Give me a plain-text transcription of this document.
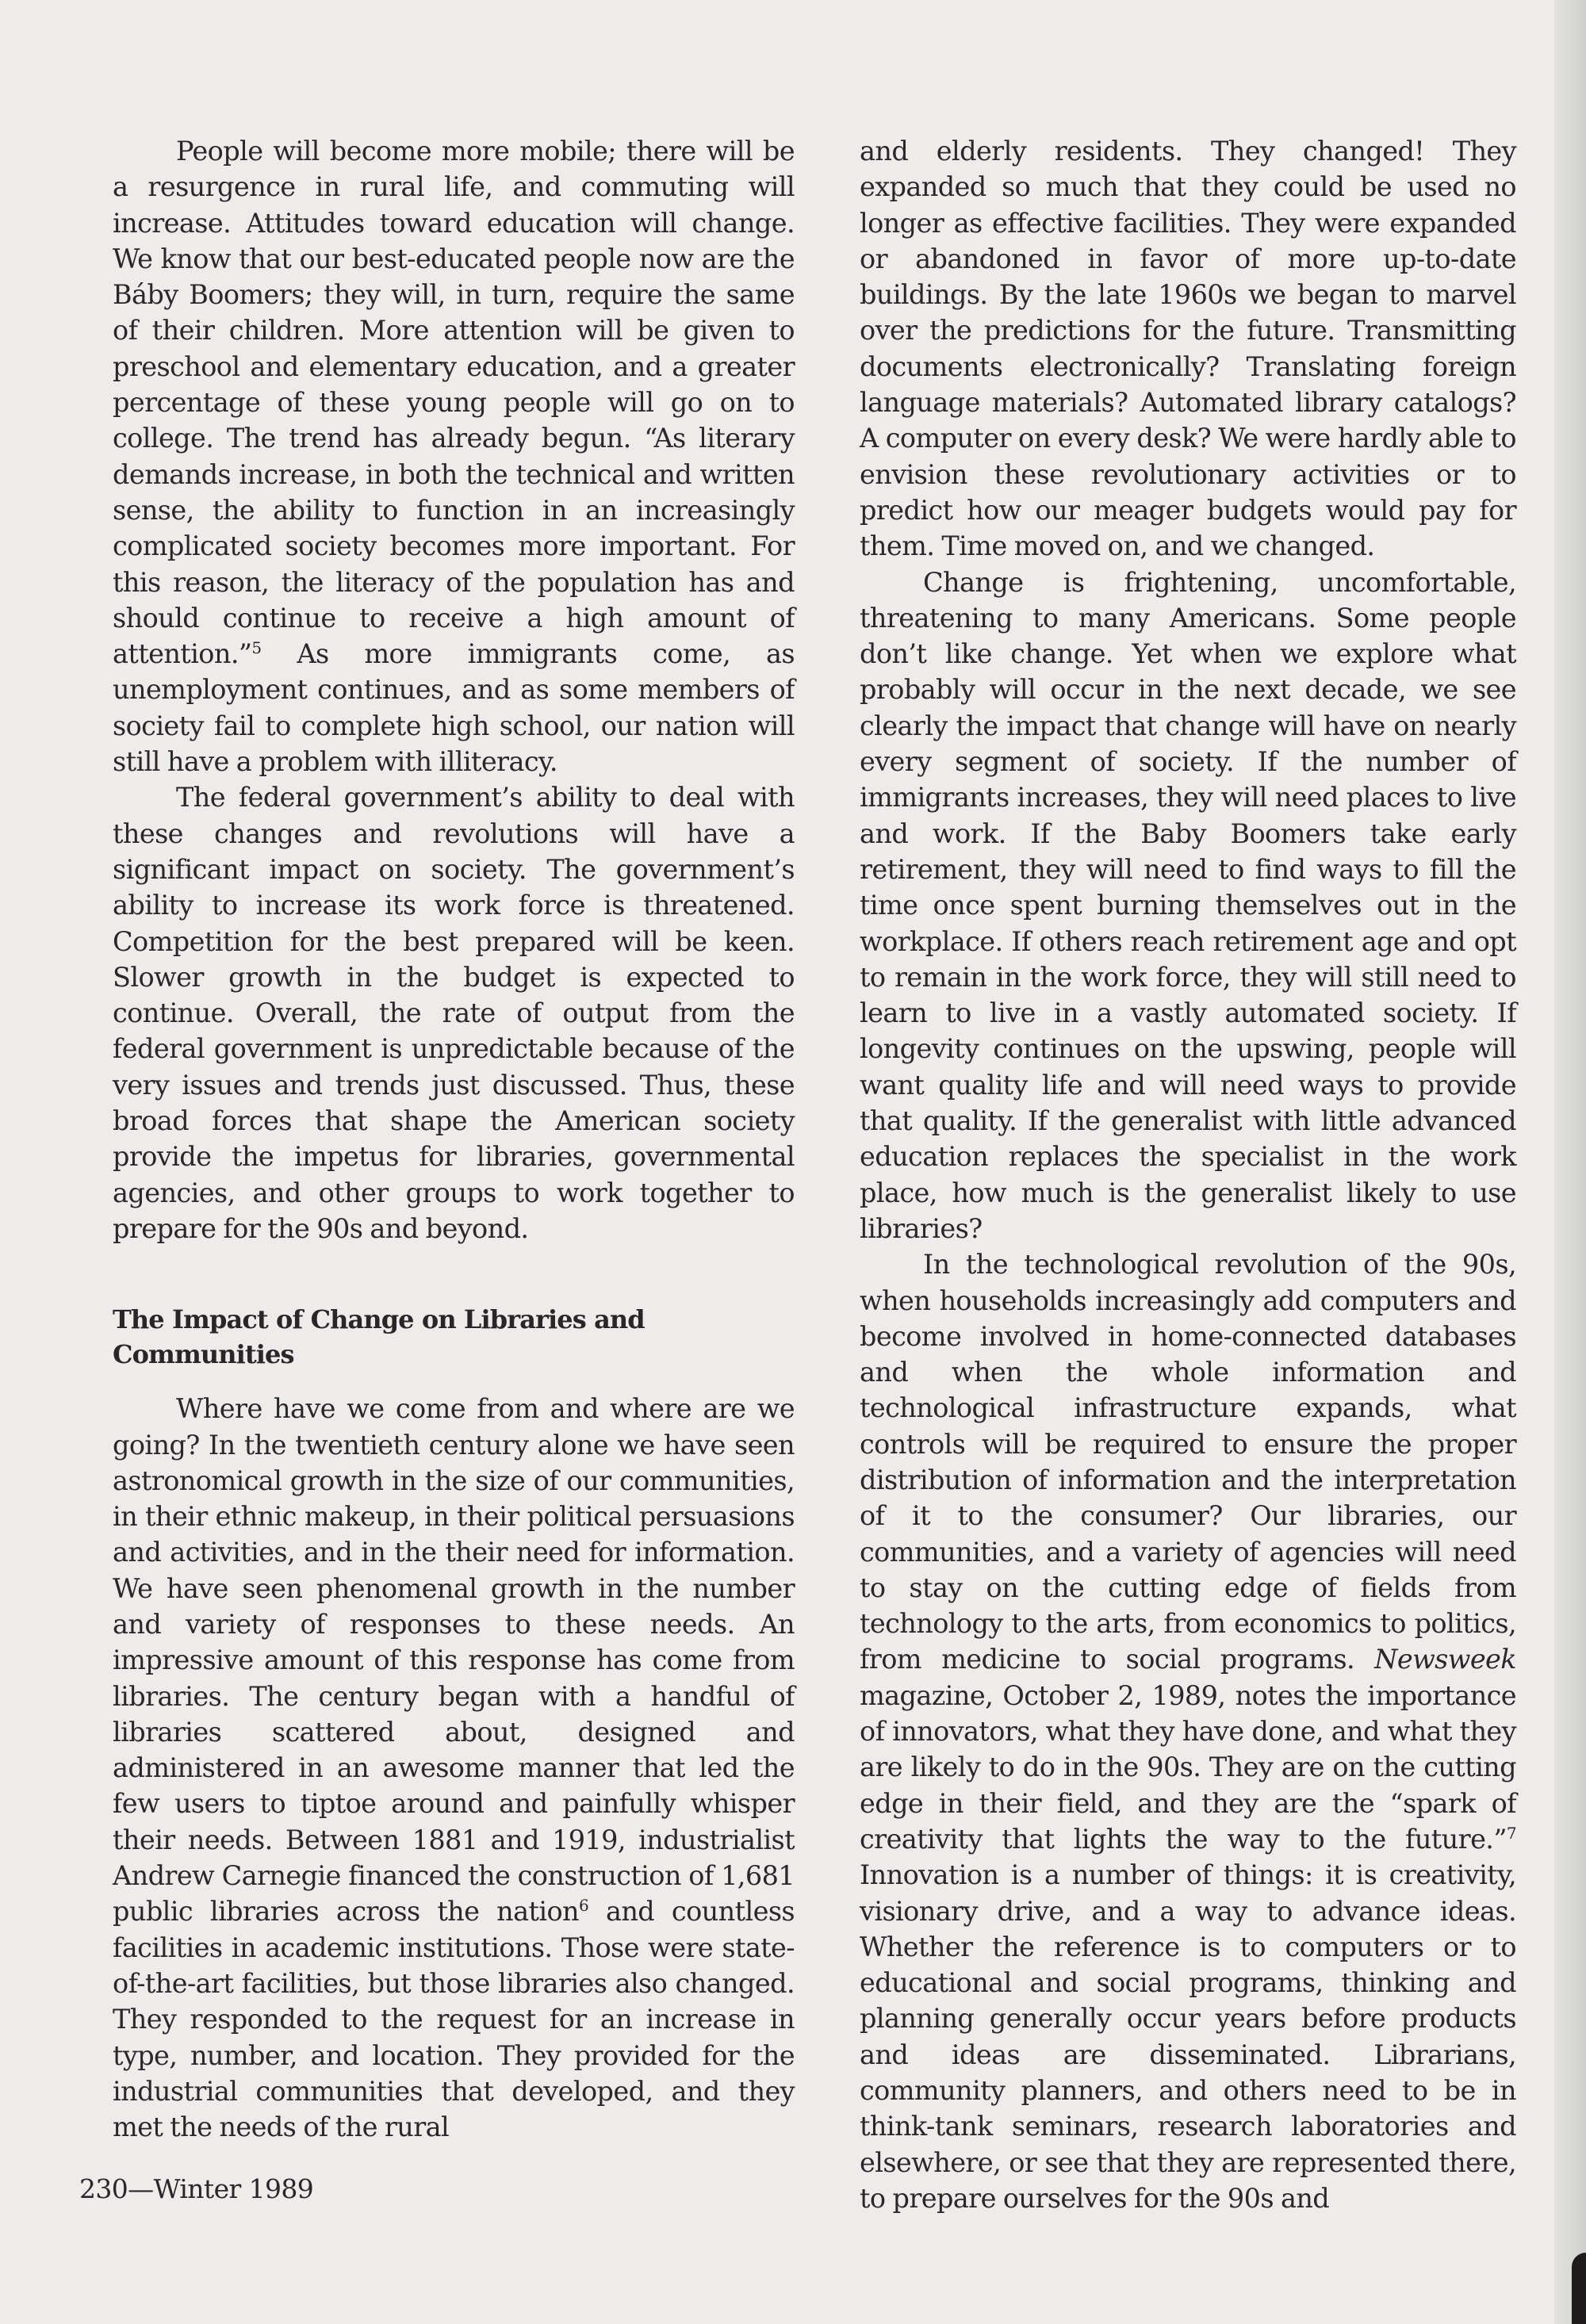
People will become more mobile; there will be a resurgence in rural life, and commuting will increase. Attitudes toward education will change. We know that our best-educated people now are the Báby Boomers; they will, in turn, require the same of their children. More attention will be given to preschool and elementary education, and a greater percentage of these young people will go on to college. The trend has already begun. “As literary demands increase, in both the technical and written sense, the ability to function in an increasingly complicated society becomes more important. For this reason, the literacy of the population has and should continue to receive a high amount of attention.”$^5$ As more immigrants come, as unemployment continues, and as some members of society fail to complete high school, our nation will still have a problem with illiteracy.

The federal government’s ability to deal with these changes and revolutions will have a significant impact on society. The government’s ability to increase its work force is threatened. Competition for the best prepared will be keen. Slower growth in the budget is expected to continue. Overall, the rate of output from the federal government is unpredictable because of the very issues and trends just discussed. Thus, these broad forces that shape the American society provide the impetus for libraries, governmental agencies, and other groups to work together to prepare for the 90s and beyond.

The Impact of Change on Libraries and Communities

Where have we come from and where are we going? In the twentieth century alone we have seen astronomical growth in the size of our communities, in their ethnic makeup, in their political persuasions and activities, and in the their need for information. We have seen phenomenal growth in the number and variety of responses to these needs. An impressive amount of this response has come from libraries. The century began with a handful of libraries scattered about, designed and administered in an awesome manner that led the few users to tiptoe around and painfully whisper their needs. Between 1881 and 1919, industrialist Andrew Carnegie financed the construction of 1,681 public libraries across the nation$^6$ and countless facilities in academic institutions. Those were state-of-the-art facilities, but those libraries also changed. They responded to the request for an increase in type, number, and location. They provided for the industrial communities that developed, and they met the needs of the rural

and elderly residents. They changed! They expanded so much that they could be used no longer as effective facilities. They were expanded or abandoned in favor of more up-to-date buildings. By the late 1960s we began to marvel over the predictions for the future. Transmitting documents electronically? Translating foreign language materials? Automated library catalogs? A computer on every desk? We were hardly able to envision these revolutionary activities or to predict how our meager budgets would pay for them. Time moved on, and we changed.

Change is frightening, uncomfortable, threatening to many Americans. Some people don’t like change. Yet when we explore what probably will occur in the next decade, we see clearly the impact that change will have on nearly every segment of society. If the number of immigrants increases, they will need places to live and work. If the Baby Boomers take early retirement, they will need to find ways to fill the time once spent burning themselves out in the workplace. If others reach retirement age and opt to remain in the work force, they will still need to learn to live in a vastly automated society. If longevity continues on the upswing, people will want quality life and will need ways to provide that quality. If the generalist with little advanced education replaces the specialist in the work place, how much is the generalist likely to use libraries?

In the technological revolution of the 90s, when households increasingly add computers and become involved in home-connected databases and when the whole information and technological infrastructure expands, what controls will be required to ensure the proper distribution of information and the interpretation of it to the consumer? Our libraries, our communities, and a variety of agencies will need to stay on the cutting edge of fields from technology to the arts, from economics to politics, from medicine to social programs. Newsweek magazine, October 2, 1989, notes the importance of innovators, what they have done, and what they are likely to do in the 90s. They are on the cutting edge in their field, and they are the “spark of creativity that lights the way to the future.”$^7$ Innovation is a number of things: it is creativity, visionary drive, and a way to advance ideas. Whether the reference is to computers or to educational and social programs, thinking and planning generally occur years before products and ideas are disseminated. Librarians, community planners, and others need to be in think-tank seminars, research laboratories and elsewhere, or see that they are represented there, to prepare ourselves for the 90s and

230—Winter 1989
